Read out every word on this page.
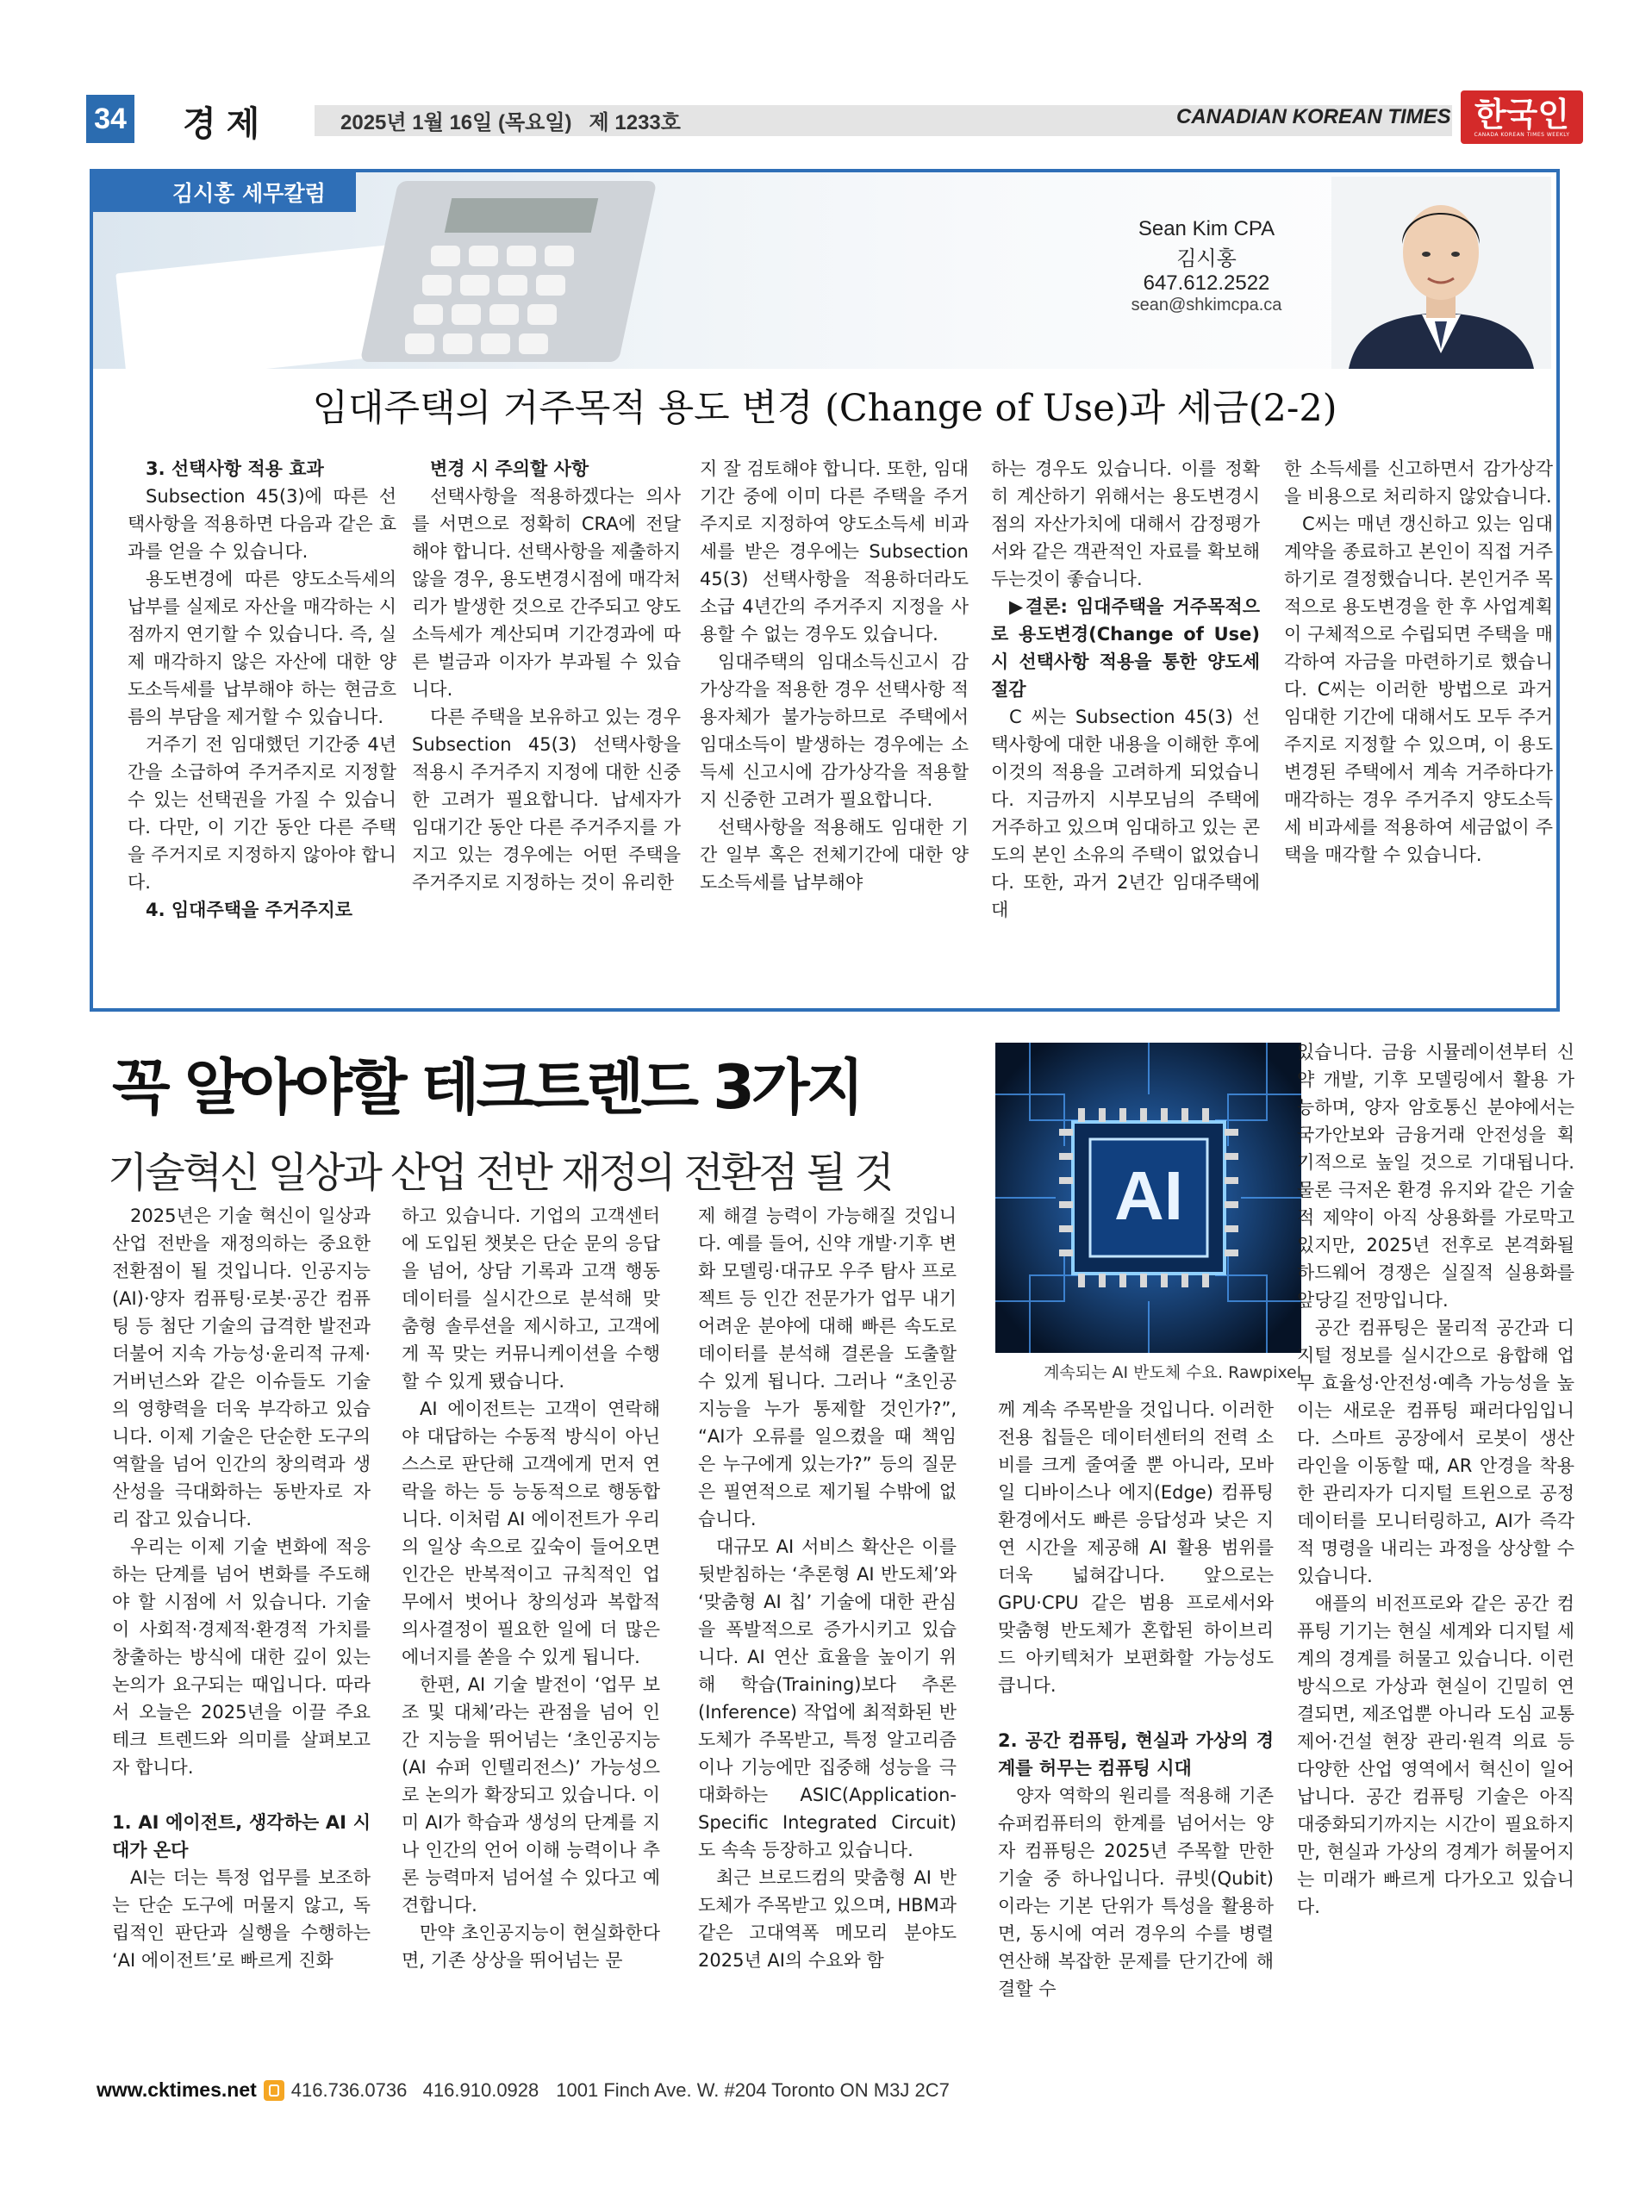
34 경제	2025년 1월 16일 (목요일)   제 1233호	CANADIAN KOREAN TIMES 한국인
CANADA KOREAN TIMES WEEKLY
김시홍 세무칼럼
Sean Kim CPA
김시홍
647.612.2522
sean@shkimcpa.ca
임대주택의 거주목적 용도 변경 (Change of Use)과 세금(2-2)
3. 선택사항 적용 효과

Subsection 45(3)에 따른 선택사항을 적용하면 다음과 같은 효과를 얻을 수 있습니다.

용도변경에 따른 양도소득세의 납부를 실제로 자산을 매각하는 시점까지 연기할 수 있습니다. 즉, 실제 매각하지 않은 자산에 대한 양도소득세를 납부해야 하는 현금흐름의 부담을 제거할 수 있습니다.

거주기 전 임대했던 기간중 4년간을 소급하여 주거주지로 지정할 수 있는 선택권을 가질 수 있습니다. 다만, 이 기간 동안 다른 주택을 주거지로 지정하지 않아야 합니다.

4. 임대주택을 주거주지로
변경 시 주의할 사항

선택사항을 적용하겠다는 의사를 서면으로 정확히 CRA에 전달해야 합니다. 선택사항을 제출하지 않을 경우, 용도변경시점에 매각처리가 발생한 것으로 간주되고 양도소득세가 계산되며 기간경과에 따른 벌금과 이자가 부과될 수 있습니다.

다른 주택을 보유하고 있는 경우 Subsection 45(3) 선택사항을 적용시 주거주지 지정에 대한 신중한 고려가 필요합니다. 납세자가 임대기간 동안 다른 주거주지를 가지고 있는 경우에는 어떤 주택을 주거주지로 지정하는 것이 유리한

지 잘 검토해야 합니다. 또한, 임대기간 중에 이미 다른 주택을 주거주지로 지정하여 양도소득세 비과세를 받은 경우에는 Subsection 45(3) 선택사항을 적용하더라도 소급 4년간의 주거주지 지정을 사용할 수 없는 경우도 있습니다.

임대주택의 임대소득신고시 감가상각을 적용한 경우 선택사항 적용자체가 불가능하므로 주택에서 임대소득이 발생하는 경우에는 소득세 신고시에 감가상각을 적용할 지 신중한 고려가 필요합니다.

선택사항을 적용해도 임대한 기간 일부 혹은 전체기간에 대한 양도소득세를 납부해야

하는 경우도 있습니다. 이를 정확히 계산하기 위해서는 용도변경시점의 자산가치에 대해서 감정평가서와 같은 객관적인 자료를 확보해두는것이 좋습니다.

▶결론: 임대주택을 거주목적으로 용도변경(Change of Use)시 선택사항 적용을 통한 양도세 절감

C 씨는 Subsection 45(3) 선택사항에 대한 내용을 이해한 후에 이것의 적용을 고려하게 되었습니다. 지금까지 시부모님의 주택에 거주하고 있으며 임대하고 있는 콘도의 본인 소유의 주택이 없었습니다. 또한, 과거 2년간 임대주택에 대

한 소득세를 신고하면서 감가상각을 비용으로 처리하지 않았습니다.

C씨는 매년 갱신하고 있는 임대계약을 종료하고 본인이 직접 거주하기로 결정했습니다. 본인거주 목적으로 용도변경을 한 후 사업계획이 구체적으로 수립되면 주택을 매각하여 자금을 마련하기로 했습니다. C씨는 이러한 방법으로 과거 임대한 기간에 대해서도 모두 주거주지로 지정할 수 있으며, 이 용도변경된 주택에서 계속 거주하다가 매각하는 경우 주거주지 양도소득세 비과세를 적용하여 세금없이 주택을 매각할 수 있습니다.

꼭 알아야할 테크트렌드 3가지
기술혁신 일상과 산업 전반 재정의 전환점 될 것	AI
계속되는 AI 반도체 수요. Rawpixel

2025년은 기술 혁신이 일상과 산업 전반을 재정의하는 중요한 전환점이 될 것입니다. 인공지능(AI)·양자 컴퓨팅·로봇·공간 컴퓨팅 등 첨단 기술의 급격한 발전과 더불어 지속 가능성·윤리적 규제·거버넌스와 같은 이슈들도 기술의 영향력을 더욱 부각하고 있습니다. 이제 기술은 단순한 도구의 역할을 넘어 인간의 창의력과 생산성을 극대화하는 동반자로 자리 잡고 있습니다.

우리는 이제 기술 변화에 적응하는 단계를 넘어 변화를 주도해야 할 시점에 서 있습니다. 기술이 사회적·경제적·환경적 가치를 창출하는 방식에 대한 깊이 있는 논의가 요구되는 때입니다. 따라서 오늘은 2025년을 이끌 주요 테크 트렌드와 의미를 살펴보고자 합니다.

1. AI 에이전트, 생각하는 AI 시대가 온다

AI는 더는 특정 업무를 보조하는 단순 도구에 머물지 않고, 독립적인 판단과 실행을 수행하는 ‘AI 에이전트’로 빠르게 진화

하고 있습니다. 기업의 고객센터에 도입된 챗봇은 단순 문의 응답을 넘어, 상담 기록과 고객 행동 데이터를 실시간으로 분석해 맞춤형 솔루션을 제시하고, 고객에게 꼭 맞는 커뮤니케이션을 수행할 수 있게 됐습니다.

AI 에이전트는 고객이 연락해야 대답하는 수동적 방식이 아닌 스스로 판단해 고객에게 먼저 연락을 하는 등 능동적으로 행동합니다. 이처럼 AI 에이전트가 우리의 일상 속으로 깊숙이 들어오면 인간은 반복적이고 규칙적인 업무에서 벗어나 창의성과 복합적 의사결정이 필요한 일에 더 많은 에너지를 쏟을 수 있게 됩니다.

한편, AI 기술 발전이 ‘업무 보조 및 대체’라는 관점을 넘어 인간 지능을 뛰어넘는 ‘초인공지능(AI 슈퍼 인텔리전스)’ 가능성으로 논의가 확장되고 있습니다. 이미 AI가 학습과 생성의 단계를 지나 인간의 언어 이해 능력이나 추론 능력마저 넘어설 수 있다고 예견합니다.

만약 초인공지능이 현실화한다면, 기존 상상을 뛰어넘는 문

제 해결 능력이 가능해질 것입니다. 예를 들어, 신약 개발·기후 변화 모델링·대규모 우주 탐사 프로젝트 등 인간 전문가가 업무 내기 어려운 분야에 대해 빠른 속도로 데이터를 분석해 결론을 도출할 수 있게 됩니다. 그러나 “초인공지능을 누가 통제할 것인가?”, “AI가 오류를 일으켰을 때 책임은 누구에게 있는가?” 등의 질문은 필연적으로 제기될 수밖에 없습니다.

대규모 AI 서비스 확산은 이를 뒷받침하는 ‘추론형 AI 반도체’와 ‘맞춤형 AI 칩’ 기술에 대한 관심을 폭발적으로 증가시키고 있습니다. AI 연산 효율을 높이기 위해 학습(Training)보다 추론(Inference) 작업에 최적화된 반도체가 주목받고, 특정 알고리즘이나 기능에만 집중해 성능을 극대화하는 ASIC(Application-Specific Integrated Circuit)도 속속 등장하고 있습니다.

최근 브로드컴의 맞춤형 AI 반도체가 주목받고 있으며, HBM과 같은 고대역폭 메모리 분야도 2025년 AI의 수요와 함

께 계속 주목받을 것입니다. 이러한 전용 칩들은 데이터센터의 전력 소비를 크게 줄여줄 뿐 아니라, 모바일 디바이스나 에지(Edge) 컴퓨팅 환경에서도 빠른 응답성과 낮은 지연 시간을 제공해 AI 활용 범위를 더욱 넓혀갑니다. 앞으로는 GPU·CPU 같은 범용 프로세서와 맞춤형 반도체가 혼합된 하이브리드 아키텍처가 보편화할 가능성도 큽니다.

2. 공간 컴퓨팅, 현실과 가상의 경계를 허무는 컴퓨팅 시대

양자 역학의 원리를 적용해 기존 슈퍼컴퓨터의 한계를 넘어서는 양자 컴퓨팅은 2025년 주목할 만한 기술 중 하나입니다. 큐빗(Qubit)이라는 기본 단위가 특성을 활용하면, 동시에 여러 경우의 수를 병렬 연산해 복잡한 문제를 단기간에 해결할 수

있습니다. 금융 시뮬레이션부터 신약 개발, 기후 모델링에서 활용 가능하며, 양자 암호통신 분야에서는 국가안보와 금융거래 안전성을 획기적으로 높일 것으로 기대됩니다. 물론 극저온 환경 유지와 같은 기술적 제약이 아직 상용화를 가로막고 있지만, 2025년 전후로 본격화될 하드웨어 경쟁은 실질적 실용화를 앞당길 전망입니다.

공간 컴퓨팅은 물리적 공간과 디지털 정보를 실시간으로 융합해 업무 효율성·안전성·예측 가능성을 높이는 새로운 컴퓨팅 패러다임입니다. 스마트 공장에서 로봇이 생산 라인을 이동할 때, AR 안경을 착용한 관리자가 디지털 트윈으로 공정 데이터를 모니터링하고, AI가 즉각적 명령을 내리는 과정을 상상할 수 있습니다.

애플의 비전프로와 같은 공간 컴퓨팅 기기는 현실 세계와 디지털 세계의 경계를 허물고 있습니다. 이런 방식으로 가상과 현실이 긴밀히 연결되면, 제조업뿐 아니라 도심 교통 제어·건설 현장 관리·원격 의료 등 다양한 산업 영역에서 혁신이 일어납니다. 공간 컴퓨팅 기술은 아직 대중화되기까지는 시간이 필요하지만, 현실과 가상의 경계가 허물어지는 미래가 빠르게 다가오고 있습니다.

www.cktimes.net 416.736.0736   416.910.0928 1001 Finch Ave. W. #204 Toronto ON M3J 2C7
